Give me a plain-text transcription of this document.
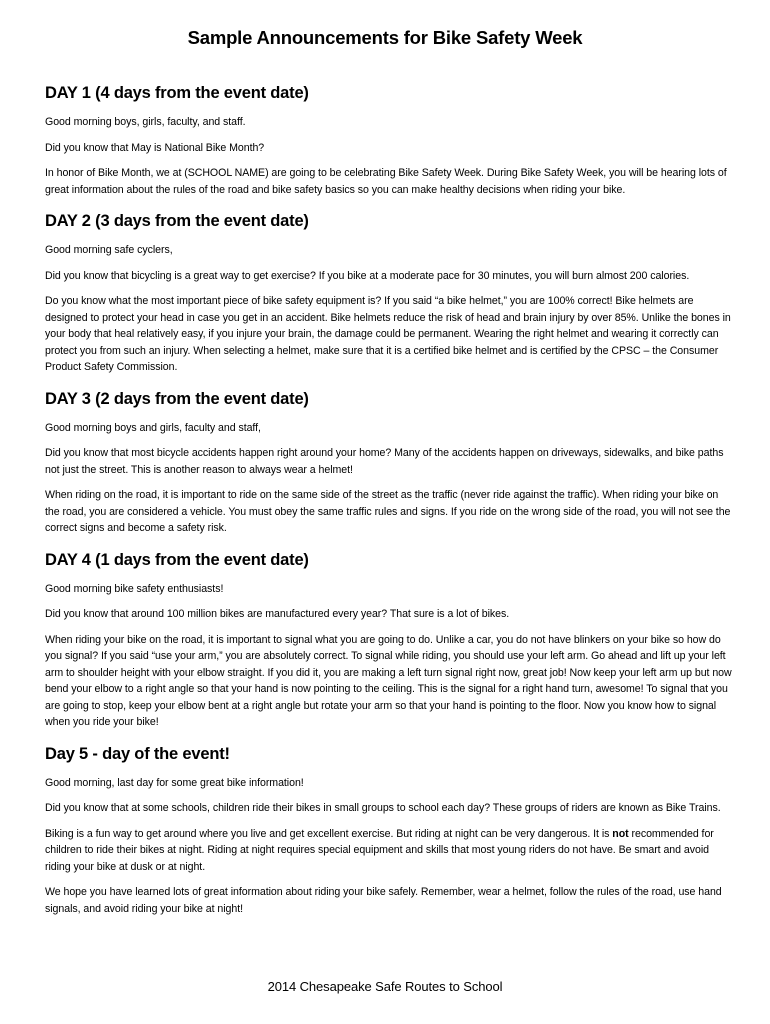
Sample Announcements for Bike Safety Week
DAY 1 (4 days from the event date)

Good morning boys, girls, faculty, and staff.

Did you know that May is National Bike Month?

In honor of Bike Month, we at (SCHOOL NAME) are going to be celebrating Bike Safety Week. During Bike Safety Week, you will be hearing lots of great information about the rules of the road and bike safety basics so you can make healthy decisions when riding your bike.

DAY 2 (3 days from the event date)

Good morning safe cyclers,

Did you know that bicycling is a great way to get exercise? If you bike at a moderate pace for 30 minutes, you will burn almost 200 calories.

Do you know what the most important piece of bike safety equipment is? If you said “a bike helmet,” you are 100% correct! Bike helmets are designed to protect your head in case you get in an accident. Bike helmets reduce the risk of head and brain injury by over 85%. Unlike the bones in your body that heal relatively easy, if you injure your brain, the damage could be permanent. Wearing the right helmet and wearing it correctly can protect you from such an injury. When selecting a helmet, make sure that it is a certified bike helmet and is certified by the CPSC – the Consumer Product Safety Commission.

DAY 3 (2 days from the event date)

Good morning boys and girls, faculty and staff,

Did you know that most bicycle accidents happen right around your home? Many of the accidents happen on driveways, sidewalks, and bike paths not just the street. This is another reason to always wear a helmet!

When riding on the road, it is important to ride on the same side of the street as the traffic (never ride against the traffic). When riding your bike on the road, you are considered a vehicle. You must obey the same traffic rules and signs. If you ride on the wrong side of the road, you will not see the correct signs and become a safety risk.

DAY 4 (1 days from the event date)

Good morning bike safety enthusiasts!

Did you know that around 100 million bikes are manufactured every year? That sure is a lot of bikes.

When riding your bike on the road, it is important to signal what you are going to do. Unlike a car, you do not have blinkers on your bike so how do you signal? If you said “use your arm,” you are absolutely correct. To signal while riding, you should use your left arm. Go ahead and lift up your left arm to shoulder height with your elbow straight. If you did it, you are making a left turn signal right now, great job! Now keep your left arm up but now bend your elbow to a right angle so that your hand is now pointing to the ceiling. This is the signal for a right hand turn, awesome! To signal that you are going to stop, keep your elbow bent at a right angle but rotate your arm so that your hand is pointing to the floor. Now you know how to signal when you ride your bike!

Day 5 - day of the event!

Good morning, last day for some great bike information!

Did you know that at some schools, children ride their bikes in small groups to school each day? These groups of riders are known as Bike Trains.

Biking is a fun way to get around where you live and get excellent exercise. But riding at night can be very dangerous. It is not recommended for children to ride their bikes at night. Riding at night requires special equipment and skills that most young riders do not have. Be smart and avoid riding your bike at dusk or at night.

We hope you have learned lots of great information about riding your bike safely. Remember, wear a helmet, follow the rules of the road, use hand signals, and avoid riding your bike at night!

2014 Chesapeake Safe Routes to School
